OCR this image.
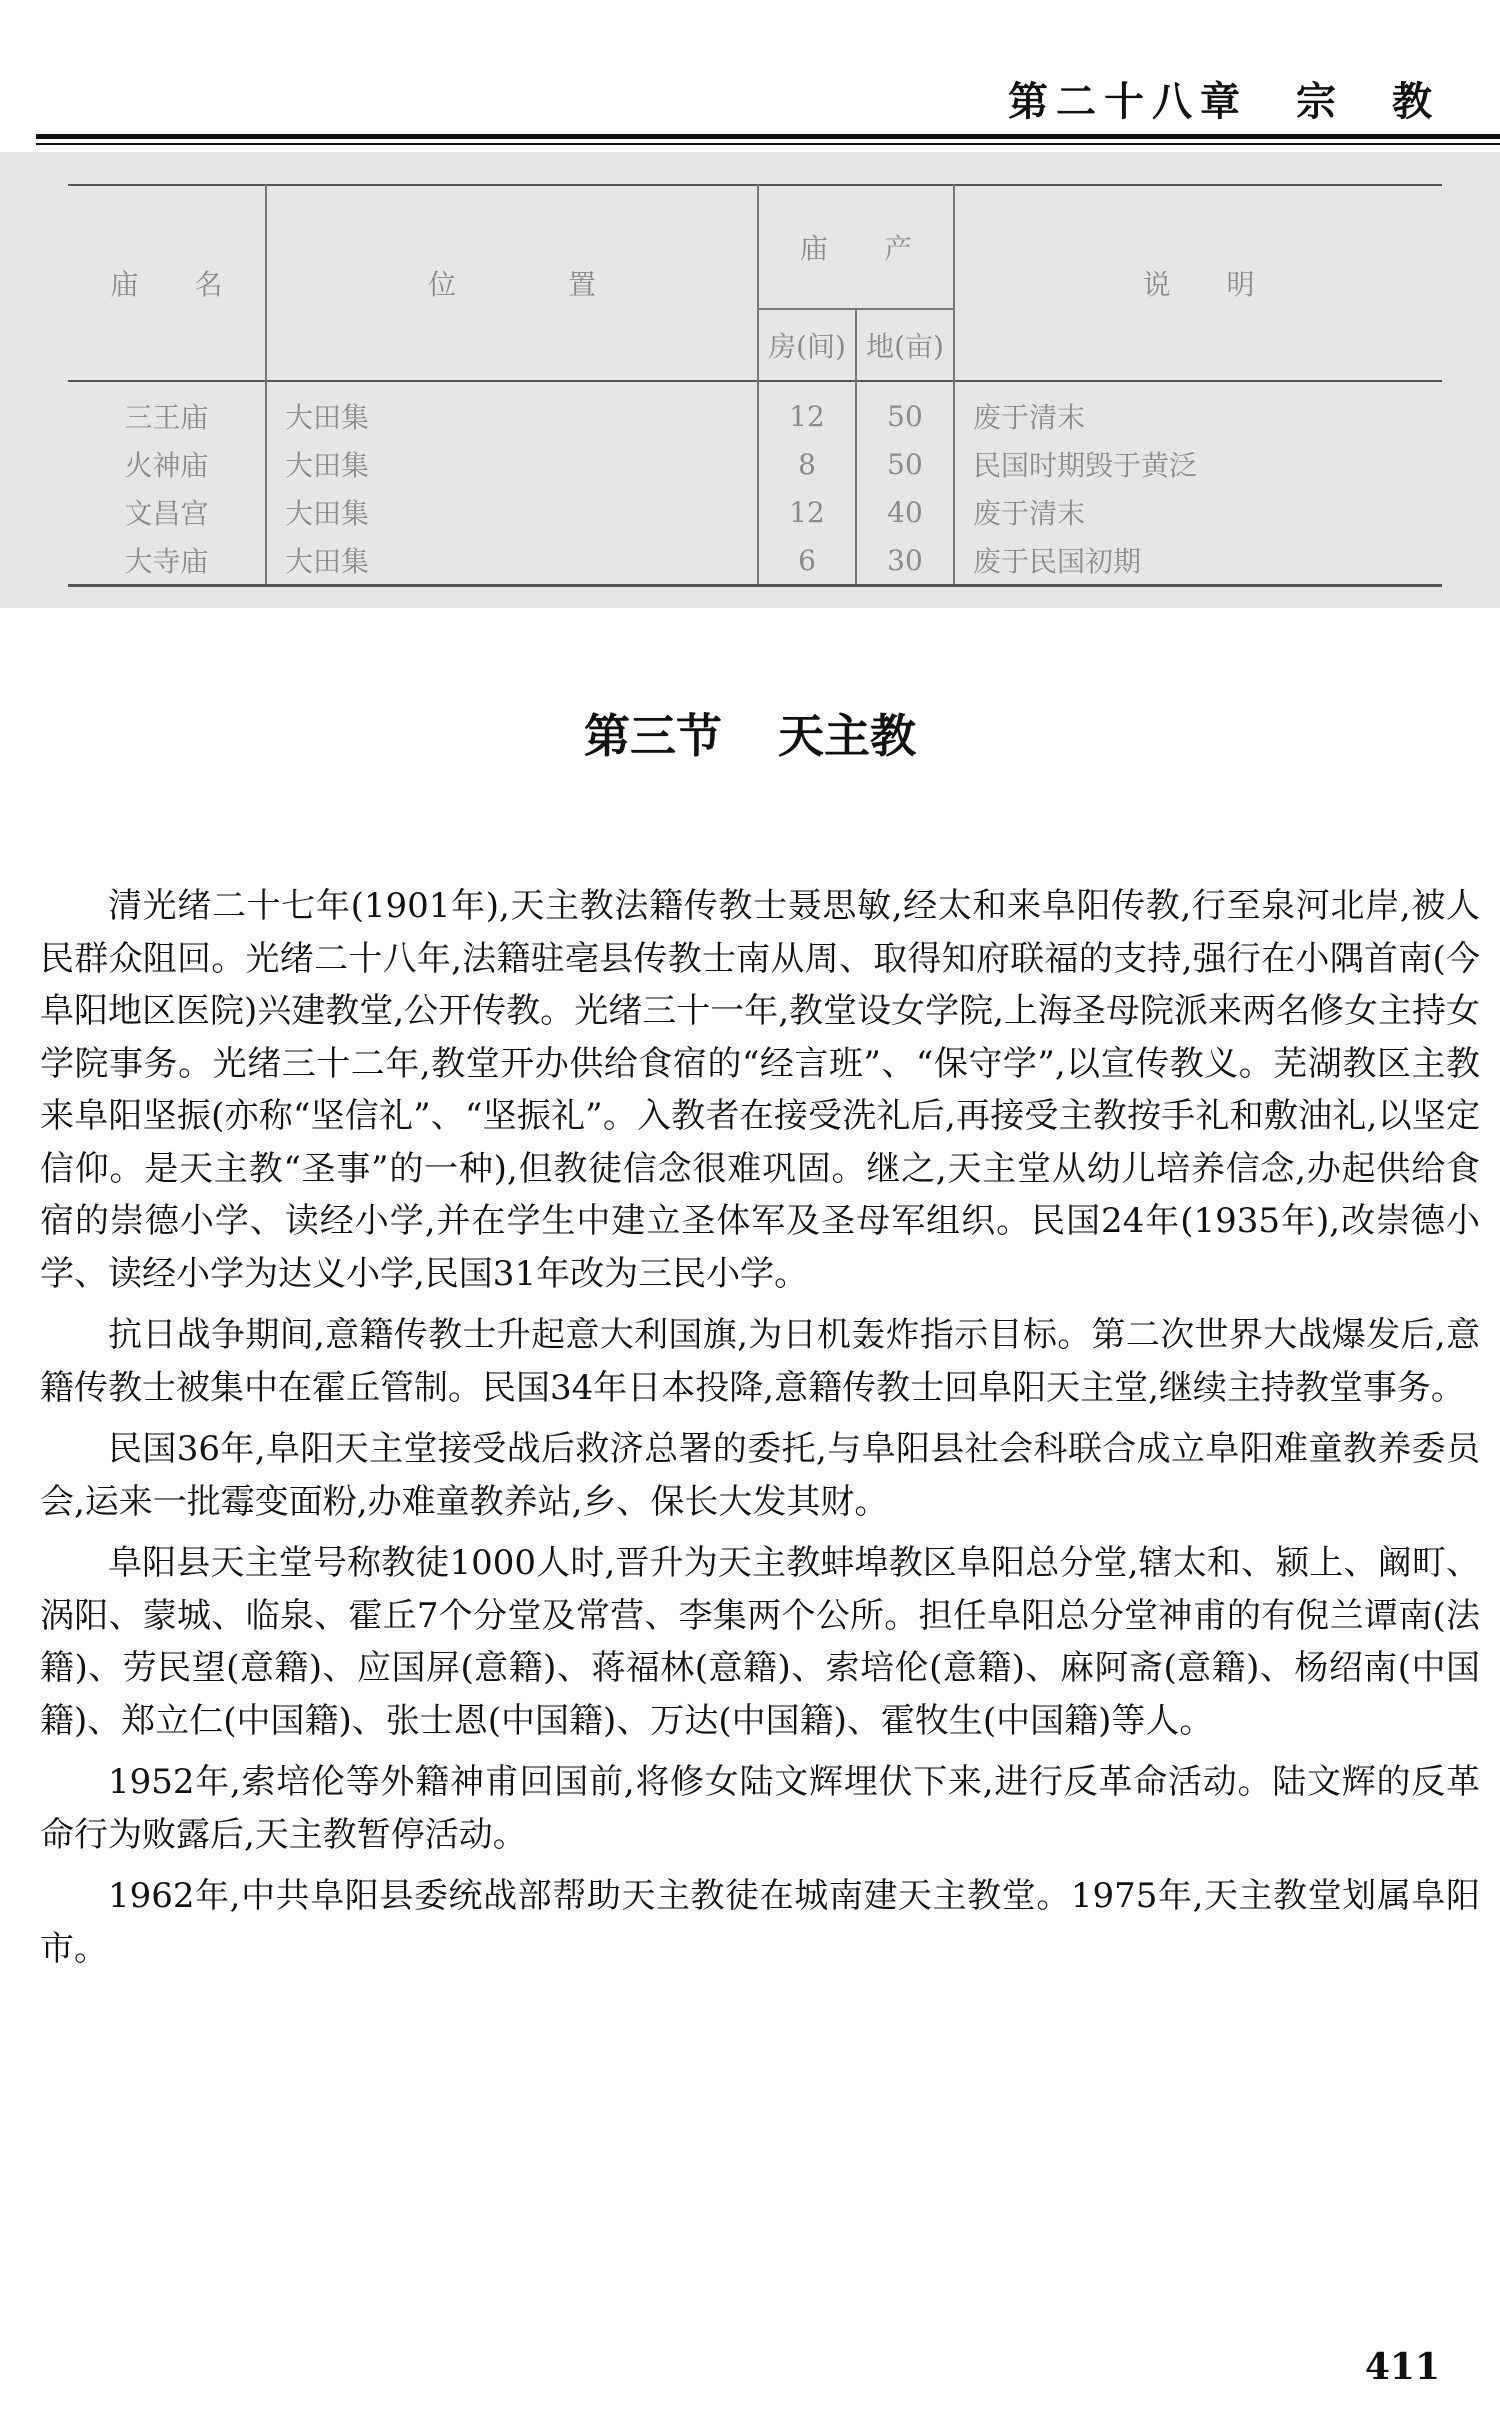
第二十八章　宗　教
庙　　名	位　　　　置	庙　　产		说　　明
		房(间)	地(亩)	
三王庙	大田集	12	50	废于清末
火神庙	大田集	8	50	民国时期毁于黄泛
文昌宫	大田集	12	40	废于清末
大寺庙	大田集	6	30	废于民国初期
第三节 天主教

清光绪二十七年(1901年),天主教法籍传教士聂思敏,经太和来阜阳传教,行至泉河北岸,被人民群众阻回。光绪二十八年,法籍驻亳县传教士南从周、取得知府联福的支持,强行在小隅首南(今阜阳地区医院)兴建教堂,公开传教。光绪三十一年,教堂设女学院,上海圣母院派来两名修女主持女学院事务。光绪三十二年,教堂开办供给食宿的“经言班”、“保守学”,以宣传教义。芜湖教区主教来阜阳坚振(亦称“坚信礼”、“坚振礼”。入教者在接受洗礼后,再接受主教按手礼和敷油礼,以坚定信仰。是天主教“圣事”的一种),但教徒信念很难巩固。继之,天主堂从幼儿培养信念,办起供给食宿的崇德小学、读经小学,并在学生中建立圣体军及圣母军组织。民国24年(1935年),改崇德小学、读经小学为达义小学,民国31年改为三民小学。

抗日战争期间,意籍传教士升起意大利国旗,为日机轰炸指示目标。第二次世界大战爆发后,意籍传教士被集中在霍丘管制。民国34年日本投降,意籍传教士回阜阳天主堂,继续主持教堂事务。

民国36年,阜阳天主堂接受战后救济总署的委托,与阜阳县社会科联合成立阜阳难童教养委员会,运来一批霉变面粉,办难童教养站,乡、保长大发其财。

阜阳县天主堂号称教徒1000人时,晋升为天主教蚌埠教区阜阳总分堂,辖太和、颍上、阚町、涡阳、蒙城、临泉、霍丘7个分堂及常营、李集两个公所。担任阜阳总分堂神甫的有倪兰谭南(法籍)、劳民望(意籍)、应国屏(意籍)、蒋福林(意籍)、索培伦(意籍)、麻阿斋(意籍)、杨绍南(中国籍)、郑立仁(中国籍)、张士恩(中国籍)、万达(中国籍)、霍牧生(中国籍)等人。

1952年,索培伦等外籍神甫回国前,将修女陆文辉埋伏下来,进行反革命活动。陆文辉的反革命行为败露后,天主教暂停活动。

1962年,中共阜阳县委统战部帮助天主教徒在城南建天主教堂。1975年,天主教堂划属阜阳市。

411
